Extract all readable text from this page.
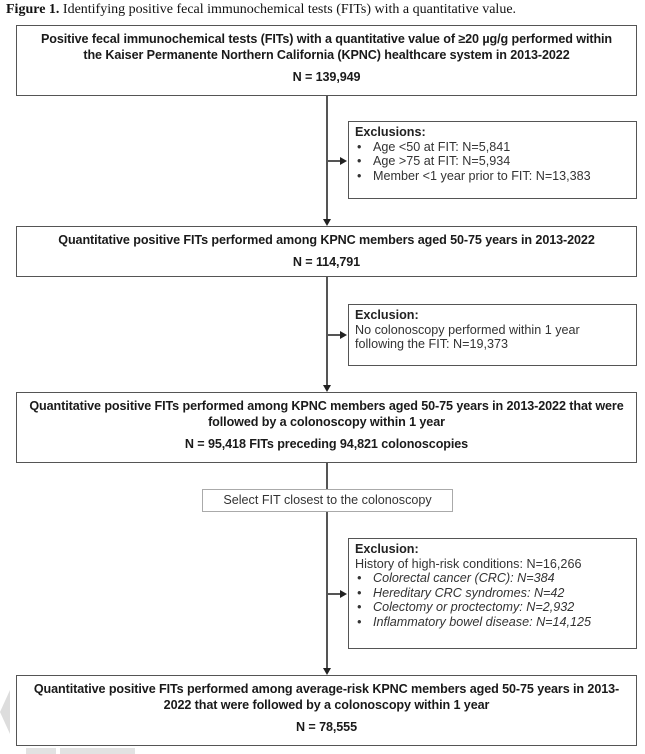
Figure 1. Identifying positive fecal immunochemical tests (FITs) with a quantitative value.
Positive fecal immunochemical tests (FITs) with a quantitative value of ≥20 µg/g performed within the Kaiser Permanente Northern California (KPNC) healthcare system in 2013-2022
N = 139,949
Exclusions:
• Age <50 at FIT: N=5,841
• Age >75 at FIT: N=5,934
• Member <1 year prior to FIT: N=13,383
Quantitative positive FITs performed among KPNC members aged 50-75 years in 2013-2022
N = 114,791
Exclusion:
No colonoscopy performed within 1 year following the FIT: N=19,373
Quantitative positive FITs performed among KPNC members aged 50-75 years in 2013-2022 that were followed by a colonoscopy within 1 year
N = 95,418 FITs preceding 94,821 colonoscopies
Select FIT closest to the colonoscopy
Exclusion:
History of high-risk conditions: N=16,266
• Colorectal cancer (CRC): N=384
• Hereditary CRC syndromes: N=42
• Colectomy or proctectomy: N=2,932
• Inflammatory bowel disease: N=14,125
Quantitative positive FITs performed among average-risk KPNC members aged 50-75 years in 2013-2022 that were followed by a colonoscopy within 1 year
N = 78,555
